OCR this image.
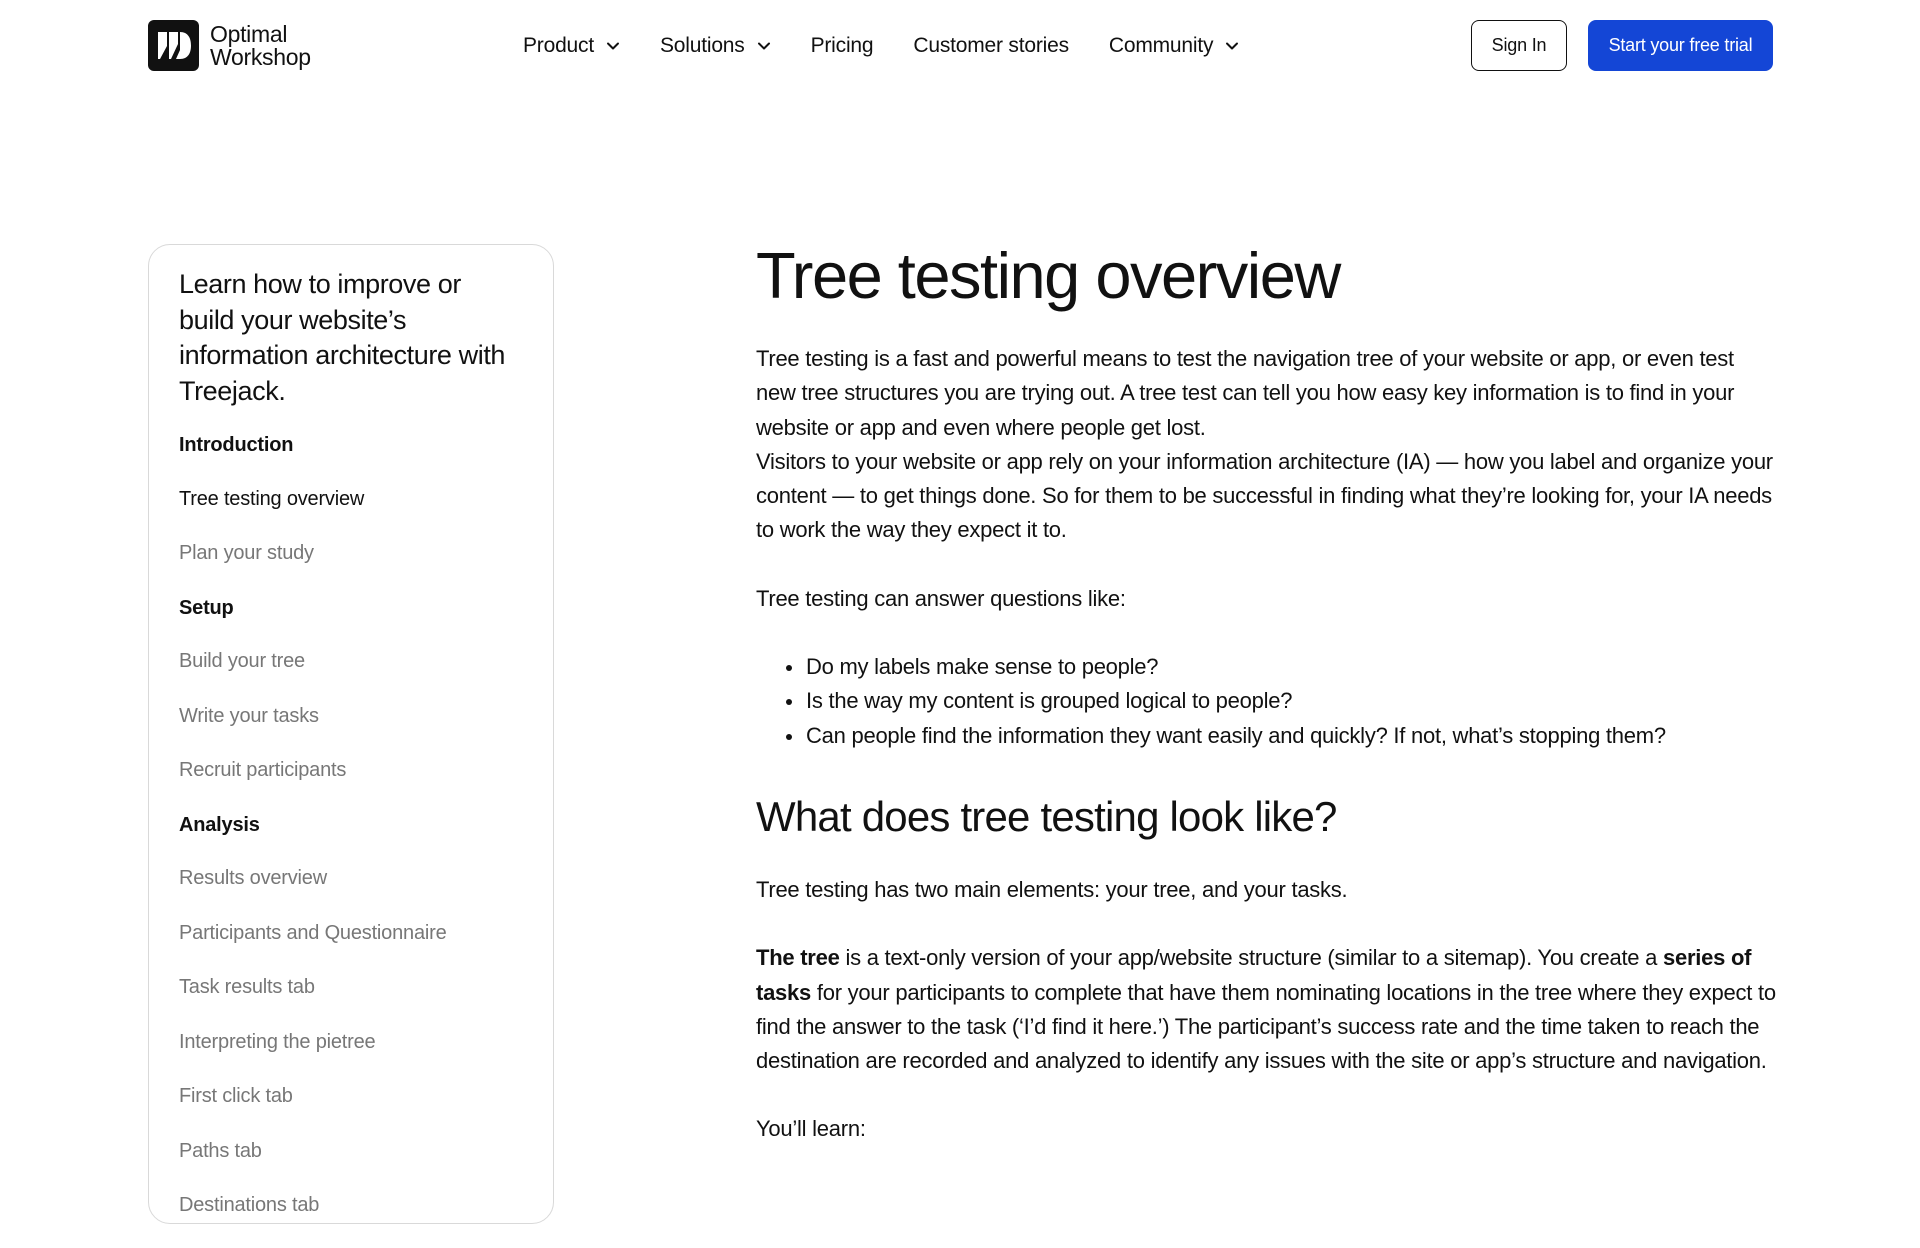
Optimal
Workshop	Product	Solutions	Pricing Customer stories Community	Sign In	Start your free trial

Learn how to improve or build your website’s information architecture with Treejack.

Introduction
Tree testing overview
Plan your study
Setup
Build your tree
Write your tasks
Recruit participants
Analysis
Results overview
Participants and Questionnaire
Task results tab
Interpreting the pietree
First click tab
Paths tab
Destinations tab
Tree testing overview

Tree testing is a fast and powerful means to test the navigation tree of your website or app, or even test new tree structures you are trying out. A tree test can tell you how easy key information is to find in your website or app and even where people get lost.

Visitors to your website or app rely on your information architecture (IA) — how you label and organize your content — to get things done. So for them to be successful in finding what they’re looking for, your IA needs to work the way they expect it to.

Tree testing can answer questions like:

Do my labels make sense to people?
Is the way my content is grouped logical to people?
Can people find the information they want easily and quickly? If not, what’s stopping them?
What does tree testing look like?

Tree testing has two main elements: your tree, and your tasks.

The tree is a text-only version of your app/website structure (similar to a sitemap). You create a series of tasks for your participants to complete that have them nominating locations in the tree where they expect to find the answer to the task (‘I’d find it here.’) The participant’s success rate and the time taken to reach the destination are recorded and analyzed to identify any issues with the site or app’s structure and navigation.

You’ll learn:
